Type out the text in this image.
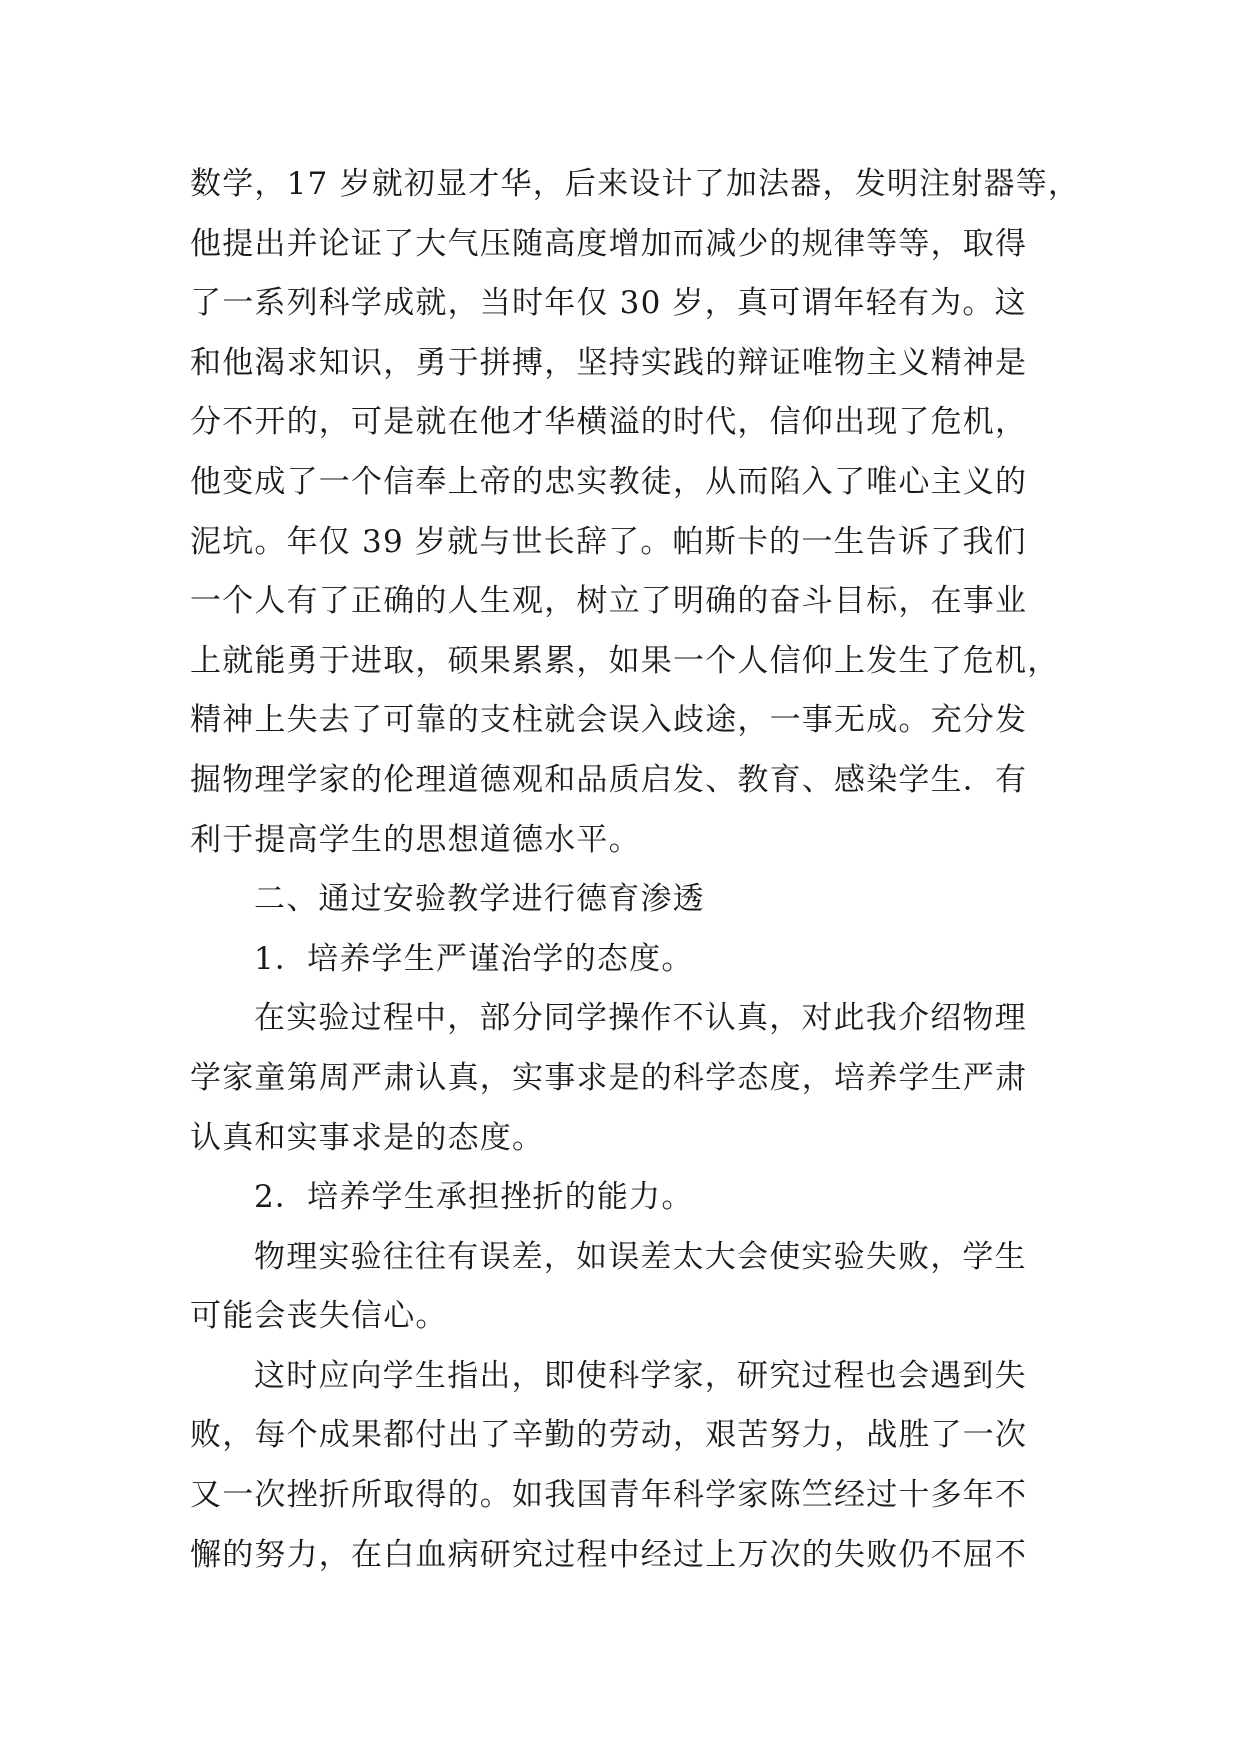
数学，17 岁就初显才华，后来设计了加法器，发明注射器等，
他提出并论证了大气压随高度增加而减少的规律等等，取得
了一系列科学成就，当时年仅 30 岁，真可谓年轻有为。这
和他渴求知识，勇于拼搏，坚持实践的辩证唯物主义精神是
分不开的，可是就在他才华横溢的时代，信仰出现了危机，
他变成了一个信奉上帝的忠实教徒，从而陷入了唯心主义的
泥坑。年仅 39 岁就与世长辞了。帕斯卡的一生告诉了我们
一个人有了正确的人生观，树立了明确的奋斗目标，在事业
上就能勇于进取，硕果累累，如果一个人信仰上发生了危机，
精神上失去了可靠的支柱就会误入歧途，一事无成。充分发
掘物理学家的伦理道德观和品质启发、教育、感染学生．有
利于提高学生的思想道德水平。
二、通过安验教学进行德育渗透
1．培养学生严谨治学的态度。
在实验过程中，部分同学操作不认真，对此我介绍物理
学家童第周严肃认真，实事求是的科学态度，培养学生严肃
认真和实事求是的态度。
2．培养学生承担挫折的能力。
物理实验往往有误差，如误差太大会使实验失败，学生
可能会丧失信心。
这时应向学生指出，即使科学家，研究过程也会遇到失
败，每个成果都付出了辛勤的劳动，艰苦努力，战胜了一次
又一次挫折所取得的。如我国青年科学家陈竺经过十多年不
懈的努力，在白血病研究过程中经过上万次的失败仍不屈不
